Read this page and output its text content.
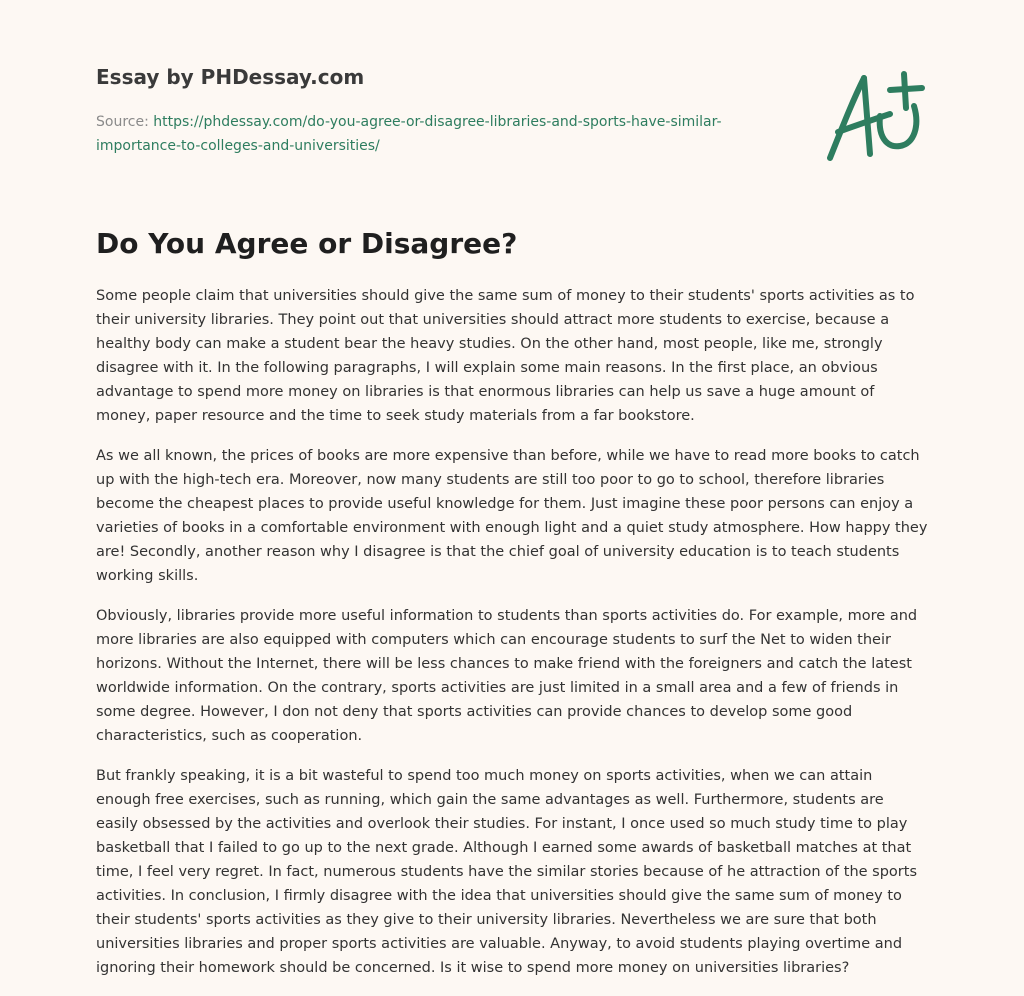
Essay by PHDessay.com
Source: https://phdessay.com/do-you-agree-or-disagree-libraries-and-sports-have-similar-importance-to-colleges-and-universities/
Do You Agree or Disagree?

Some people claim that universities should give the same sum of money to their students' sports activities as to their university libraries. They point out that universities should attract more students to exercise, because a healthy body can make a student bear the heavy studies. On the other hand, most people, like me, strongly disagree with it. In the following paragraphs, I will explain some main reasons. In the first place, an obvious advantage to spend more money on libraries is that enormous libraries can help us save a huge amount of money, paper resource and the time to seek study materials from a far bookstore.

As we all known, the prices of books are more expensive than before, while we have to read more books to catch up with the high-tech era. Moreover, now many students are still too poor to go to school, therefore libraries become the cheapest places to provide useful knowledge for them. Just imagine these poor persons can enjoy a varieties of books in a comfortable environment with enough light and a quiet study atmosphere. How happy they are! Secondly, another reason why I disagree is that the chief goal of university education is to teach students working skills.

Obviously, libraries provide more useful information to students than sports activities do. For example, more and more libraries are also equipped with computers which can encourage students to surf the Net to widen their horizons. Without the Internet, there will be less chances to make friend with the foreigners and catch the latest worldwide information. On the contrary, sports activities are just limited in a small area and a few of friends in some degree. However, I don not deny that sports activities can provide chances to develop some good characteristics, such as cooperation.

But frankly speaking, it is a bit wasteful to spend too much money on sports activities, when we can attain enough free exercises, such as running, which gain the same advantages as well. Furthermore, students are easily obsessed by the activities and overlook their studies. For instant, I once used so much study time to play basketball that I failed to go up to the next grade. Although I earned some awards of basketball matches at that time, I feel very regret. In fact, numerous students have the similar stories because of he attraction of the sports activities. In conclusion, I firmly disagree with the idea that universities should give the same sum of money to their students' sports activities as they give to their university libraries. Nevertheless we are sure that both universities libraries and proper sports activities are valuable. Anyway, to avoid students playing overtime and ignoring their homework should be concerned. Is it wise to spend more money on universities libraries?
